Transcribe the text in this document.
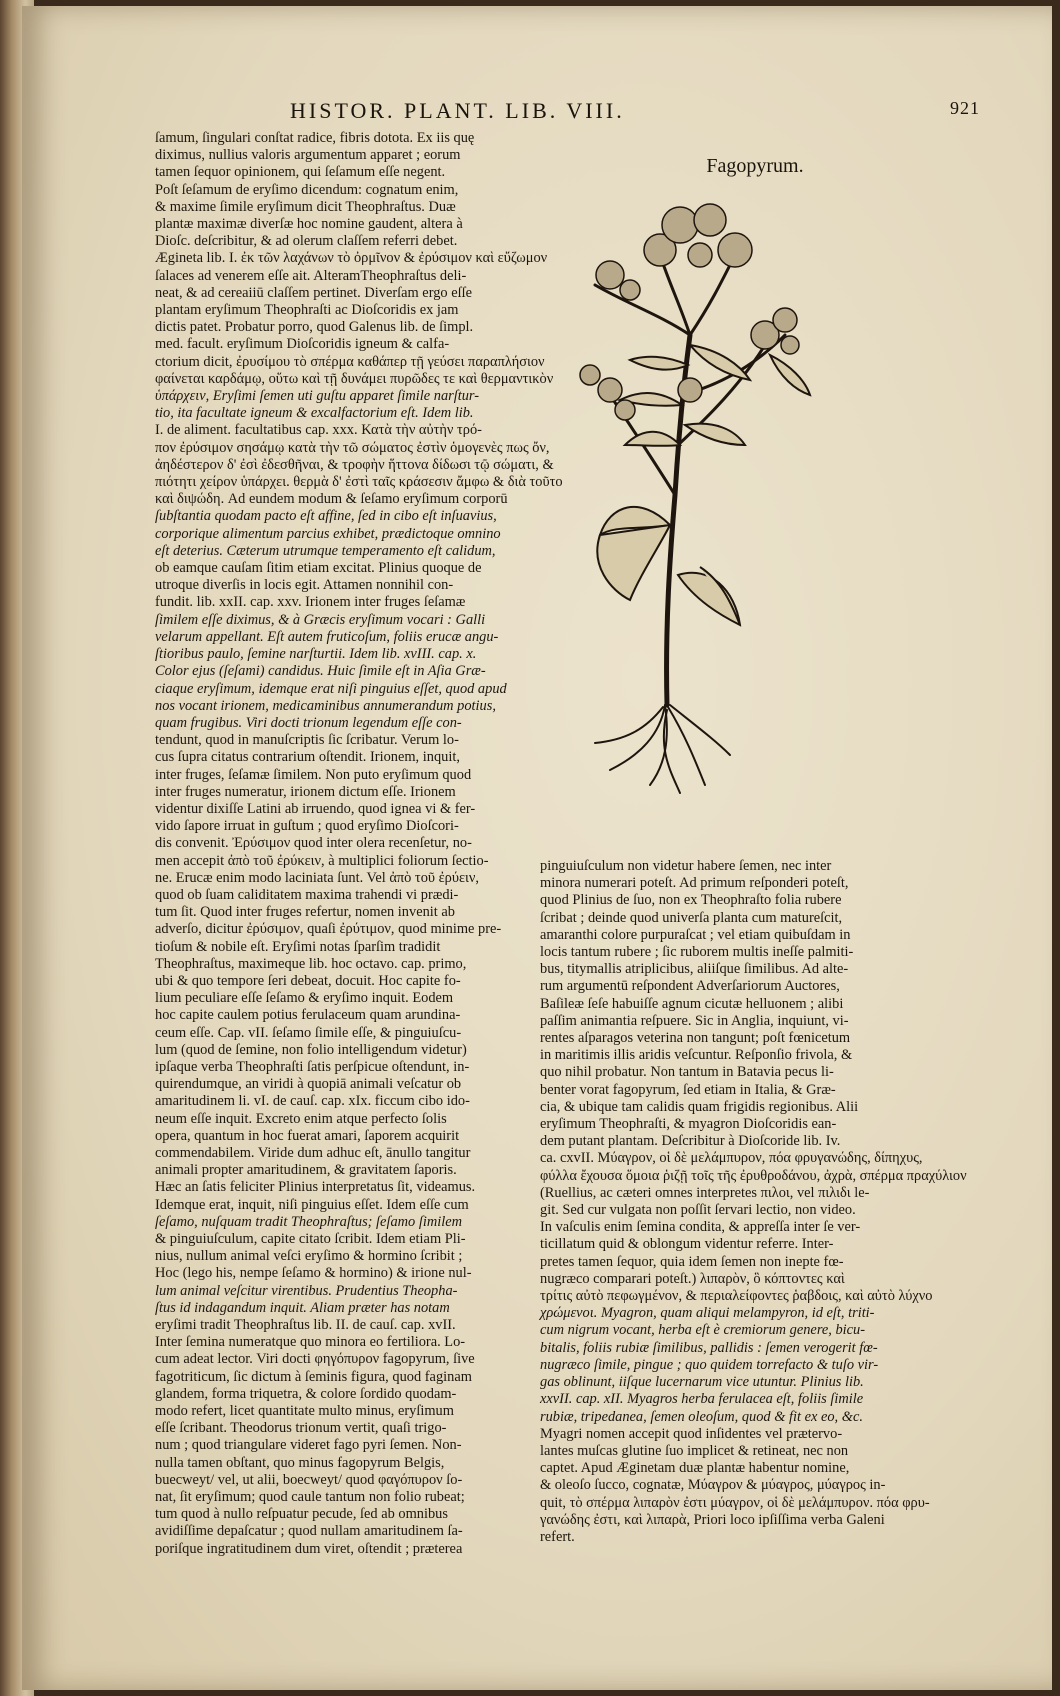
HISTOR. PLANT. LIB. VIII.	921

ſamum, ſingulari conſtat radice, fibris dotota. Ex iis quę

diximus, nullius valoris argumentum apparet ; eorum

tamen ſequor opinionem, qui ſeſamum eſſe negent.

Poſt ſeſamum de eryſimo dicendum: cognatum enim,

& maxime ſimile eryſimum dicit Theophraſtus. Duæ

plantæ maximæ diverſæ hoc nomine gaudent, altera à

Dioſc. deſcribitur, & ad olerum claſſem referri debet.

Ægineta lib. I. ἐκ τῶν λαχάνων τὸ ὀρμῖνον & ἐρύσιμον καὶ εὔζωμον

ſalaces ad venerem eſſe ait. AlteramTheophraſtus deli-

neat, & ad cereaiiū claſſem pertinet. Diverſam ergo eſſe

plantam eryſimum Theophraſti ac Dioſcoridis ex jam

dictis patet. Probatur porro, quod Galenus lib. de ſimpl.

med. facult. eryſimum Dioſcoridis igneum & calfa-

ctorium dicit, ἐρυσίμου τὸ σπέρμα καθάπερ τῇ γεύσει παραπλήσιον

φαίνεται καρδάμῳ, οὕτω καὶ τῇ δυνάμει πυρῶδες τε καὶ θερμαντικὸν

ὑπάρχειν, Eryſimi ſemen uti guſtu apparet ſimile narſtur-

tio, ita facultate igneum & excalfactorium eſt. Idem lib.

I. de aliment. facultatibus cap. xxx. Κατὰ τὴν αὐτὴν τρό-

πον ἐρύσιμον σησάμῳ κατὰ τὴν τῶ σώματος ἐστὶν ὁμογενὲς πως ὄν,

ἀηδέστερον δ' ἐσὶ ἐδεσθῆναι, & τροφὴν ἥττονα δίδωσι τῷ σώματι, &

πιότητι χείρον ὑπάρχει. θερμὰ δ' ἐστὶ ταῖς κράσεσιν ἄμφω & διὰ τοῦτο

καὶ διψώδη. Ad eundem modum & ſeſamo eryſimum corporū

ſubſtantia quodam pacto eſt affine, ſed in cibo eſt inſuavius,

corporique alimentum parcius exhibet, prædictoque omnino

eſt deterius. Cæterum utrumque temperamento eſt calidum,

ob eamque cauſam ſitim etiam excitat. Plinius quoque de

utroque diverſis in locis egit. Attamen nonnihil con-

fundit. lib. xxII. cap. xxv. Irionem inter fruges ſeſamæ

ſimilem eſſe diximus, & à Græcis eryſimum vocari : Galli

velarum appellant. Eſt autem fruticoſum, foliis erucæ angu-

ſtioribus paulo, ſemine narſturtii. Idem lib. xvIII. cap. x.

Color ejus (ſeſami) candidus. Huic ſimile eſt in Aſia Græ-

ciaque eryſimum, idemque erat niſi pinguius eſſet, quod apud

nos vocant irionem, medicaminibus annumerandum potius,

quam frugibus. Viri docti trionum legendum eſſe con-

tendunt, quod in manuſcriptis ſic ſcribatur. Verum lo-

cus ſupra citatus contrarium oſtendit. Irionem, inquit,

inter fruges, ſeſamæ ſimilem. Non puto eryſimum quod

inter fruges numeratur, irionem dictum eſſe. Irionem

videntur dixiſſe Latini ab irruendo, quod ignea vi & fer-

vido ſapore irruat in guſtum ; quod eryſimo Dioſcori-

dis convenit. Ἐρύσιμον quod inter olera recenſetur, no-

men accepit ἀπὸ τοῦ ἐρύκειν, à multiplici foliorum ſectio-

ne. Erucæ enim modo laciniata ſunt. Vel ἀπὸ τοῦ ἐρύειν,

quod ob ſuam caliditatem maxima trahendi vi prædi-

tum ſit. Quod inter fruges refertur, nomen invenit ab

adverſo, dicitur ἐρύσιμον, quaſi ἐρύτιμον, quod minime pre-

tioſum & nobile eſt. Eryſimi notas ſparſim tradidit

Theophraſtus, maximeque lib. hoc octavo. cap. primo,

ubi & quo tempore ſeri debeat, docuit. Hoc capite fo-

lium peculiare eſſe ſeſamo & eryſimo inquit. Eodem

hoc capite caulem potius ferulaceum quam arundina-

ceum eſſe. Cap. vII. ſeſamo ſimile eſſe, & pinguiuſcu-

lum (quod de ſemine, non folio intelligendum videtur)

ipſaque verba Theophraſti ſatis perſpicue oſtendunt, in-

quirendumque, an viridi à quopiā animali veſcatur ob

amaritudinem li. vI. de cauſ. cap. xIx. ficcum cibo ido-

neum eſſe inquit. Excreto enim atque perfecto ſolis

opera, quantum in hoc fuerat amari, ſaporem acquirit

commendabilem. Viride dum adhuc eſt, ānullo tangitur

animali propter amaritudinem, & gravitatem ſaporis.

Hæc an ſatis feliciter Plinius interpretatus ſit, videamus.

Idemque erat, inquit, niſi pinguius eſſet. Idem eſſe cum

ſeſamo, nuſquam tradit Theophraſtus; ſeſamo ſimilem

& pinguiuſculum, capite citato ſcribit. Idem etiam Pli-

nius, nullum animal veſci eryſimo & hormino ſcribit ;

Hoc (lego his, nempe ſeſamo & hormino) & irione nul-

lum animal veſcitur virentibus. Prudentius Theopha-

ſtus id indagandum inquit. Aliam præter has notam

eryſimi tradit Theophraſtus lib. II. de cauſ. cap. xvII.

Inter ſemina numeratque quo minora eo fertiliora. Lo-

cum adeat lector. Viri docti φηγόπυρον fagopyrum, ſive

fagotriticum, ſic dictum à ſeminis figura, quod faginam

glandem, forma triquetra, & colore ſordido quodam-

modo refert, licet quantitate multo minus, eryſimum

eſſe ſcribant. Theodorus trionum vertit, quaſi trigo-

num ; quod triangulare videret fago pyri ſemen. Non-

nulla tamen obſtant, quo minus fagopyrum Belgis,

buecweyt/ vel, ut alii, boecweyt/ quod φαγόπυρον ſo-

nat, ſit eryſimum; quod caule tantum non folio rubeat;

tum quod à nullo reſpuatur pecude, ſed ab omnibus

avidiſſime depaſcatur ; quod nullam amaritudinem ſa-

poriſque ingratitudinem dum viret, oſtendit ; præterea

Fagopyrum.

pinguiuſculum non videtur habere ſemen, nec inter

minora numerari poteſt. Ad primum reſponderi poteſt,

quod Plinius de ſuo, non ex Theophraſto folia rubere

ſcribat ; deinde quod univerſa planta cum matureſcit,

amaranthi colore purpuraſcat ; vel etiam quibuſdam in

locis tantum rubere ; ſic ruborem multis ineſſe palmiti-

bus, titymallis atriplicibus, aliiſque ſimilibus. Ad alte-

rum argumentū reſpondent Adverſariorum Auctores,

Baſileæ ſeſe habuiſſe agnum cicutæ helluonem ; alibi

paſſim animantia reſpuere. Sic in Anglia, inquiunt, vi-

rentes aſparagos veterina non tangunt; poſt fœnicetum

in maritimis illis aridis veſcuntur. Reſponſio frivola, &

quo nihil probatur. Non tantum in Batavia pecus li-

benter vorat fagopyrum, ſed etiam in Italia, & Græ-

cia, & ubique tam calidis quam frigidis regionibus. Alii

eryſimum Theophraſti, & myagron Dioſcoridis ean-

dem putant plantam. Deſcribitur à Dioſcoride lib. Iv.

ca. cxvII. Μύαγρον, οἱ δὲ μελάμπυρον, πόα φρυγανώδης, δίπηχυς,

φύλλα ἔχουσα ὅμοια ῥιζῇ τοῖς τῆς ἐρυθροδάνου, ἀχρὰ, σπέρμα πραχύλιον

(Ruellius, ac cæteri omnes interpretes πιλοι, vel πιλιδι le-

git. Sed cur vulgata non poſſit ſervari lectio, non video.

In vaſculis enim ſemina condita, & appreſſa inter ſe ver-

ticillatum quid & oblongum videntur referre. Inter-

pretes tamen ſequor, quia idem ſemen non inepte fœ-

nugræco comparari poteſt.) λιπαρὸν, ὃ κόπτοντες καὶ

τρίτις αὐτὸ πεφωγμένον, & περιαλείφοντες ῥαβδοις, καὶ αὐτὸ λύχνο

χρώμενοι. Myagron, quam aliqui melampyron, id eſt, triti-

cum nigrum vocant, herba eſt è cremiorum genere, bicu-

bitalis, foliis rubiæ ſimilibus, pallidis : ſemen verogerit fœ-

nugræco ſimile, pingue ; quo quidem torrefacto & tuſo vir-

gas oblinunt, iiſque lucernarum vice utuntur. Plinius lib.

xxvII. cap. xII. Myagros herba ferulacea eſt, foliis ſimile

rubiæ, tripedanea, ſemen oleoſum, quod & fit ex eo, &c.

Myagri nomen accepit quod inſidentes vel prætervo-

lantes muſcas glutine ſuo implicet & retineat, nec non

captet. Apud Æginetam duæ plantæ habentur nomine,

& oleoſo ſucco, cognatæ, Μύαγρον & μύαγρος, μύαγρος in-

quit, τὸ σπέρμα λιπαρὸν ἐστι μύαγρον, οἱ δὲ μελάμπυρον. πόα φρυ-

γανώδης ἐστι, καὶ λιπαρὰ, Priori loco ipſiſſima verba Galeni

refert.
